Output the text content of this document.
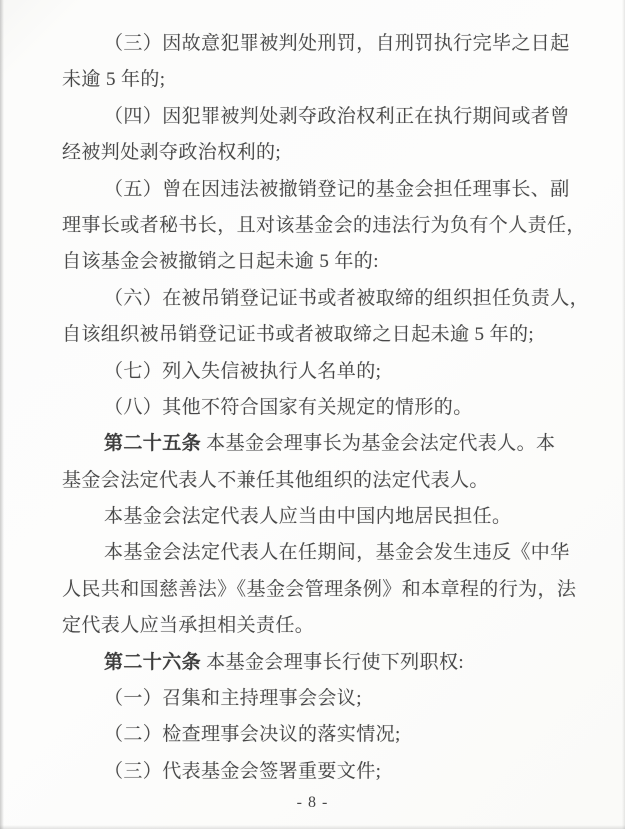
（三）因故意犯罪被判处刑罚，自刑罚执行完毕之日起
未逾 5 年的;
（四）因犯罪被判处剥夺政治权利正在执行期间或者曾
经被判处剥夺政治权利的;
（五）曾在因违法被撤销登记的基金会担任理事长、副
理事长或者秘书长，且对该基金会的违法行为负有个人责任，
自该基金会被撤销之日起未逾 5 年的:
（六）在被吊销登记证书或者被取缔的组织担任负责人，
自该组织被吊销登记证书或者被取缔之日起未逾 5 年的;
（七）列入失信被执行人名单的;
（八）其他不符合国家有关规定的情形的。
第二十五条 本基金会理事长为基金会法定代表人。本
基金会法定代表人不兼任其他组织的法定代表人。
本基金会法定代表人应当由中国内地居民担任。
本基金会法定代表人在任期间，基金会发生违反《中华
人民共和国慈善法》《基金会管理条例》和本章程的行为，法
定代表人应当承担相关责任。
第二十六条 本基金会理事长行使下列职权:
（一）召集和主持理事会会议;
（二）检查理事会决议的落实情况;
（三）代表基金会签署重要文件;
- 8 -
